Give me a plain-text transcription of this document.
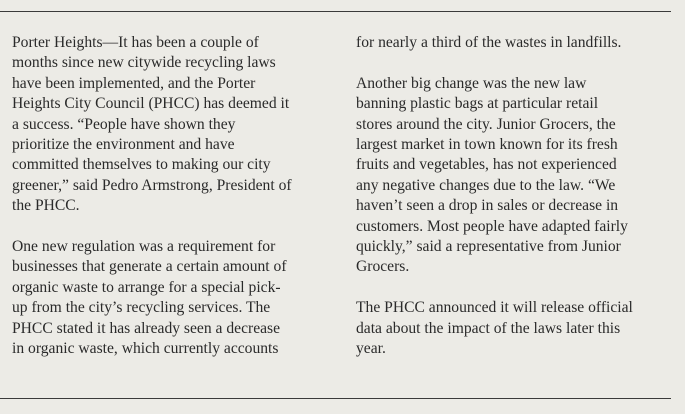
Porter Heights—It has been a couple of
months since new citywide recycling laws
have been implemented, and the Porter
Heights City Council (PHCC) has deemed it
a success. “People have shown they
prioritize the environment and have
committed themselves to making our city
greener,” said Pedro Armstrong, President of
the PHCC.

One new regulation was a requirement for
businesses that generate a certain amount of
organic waste to arrange for a special pick-
up from the city’s recycling services. The
PHCC stated it has already seen a decrease
in organic waste, which currently accounts

for nearly a third of the wastes in landfills.

Another big change was the new law
banning plastic bags at particular retail
stores around the city. Junior Grocers, the
largest market in town known for its fresh
fruits and vegetables, has not experienced
any negative changes due to the law. “We
haven’t seen a drop in sales or decrease in
customers. Most people have adapted fairly
quickly,” said a representative from Junior
Grocers.

The PHCC announced it will release official
data about the impact of the laws later this
year.
